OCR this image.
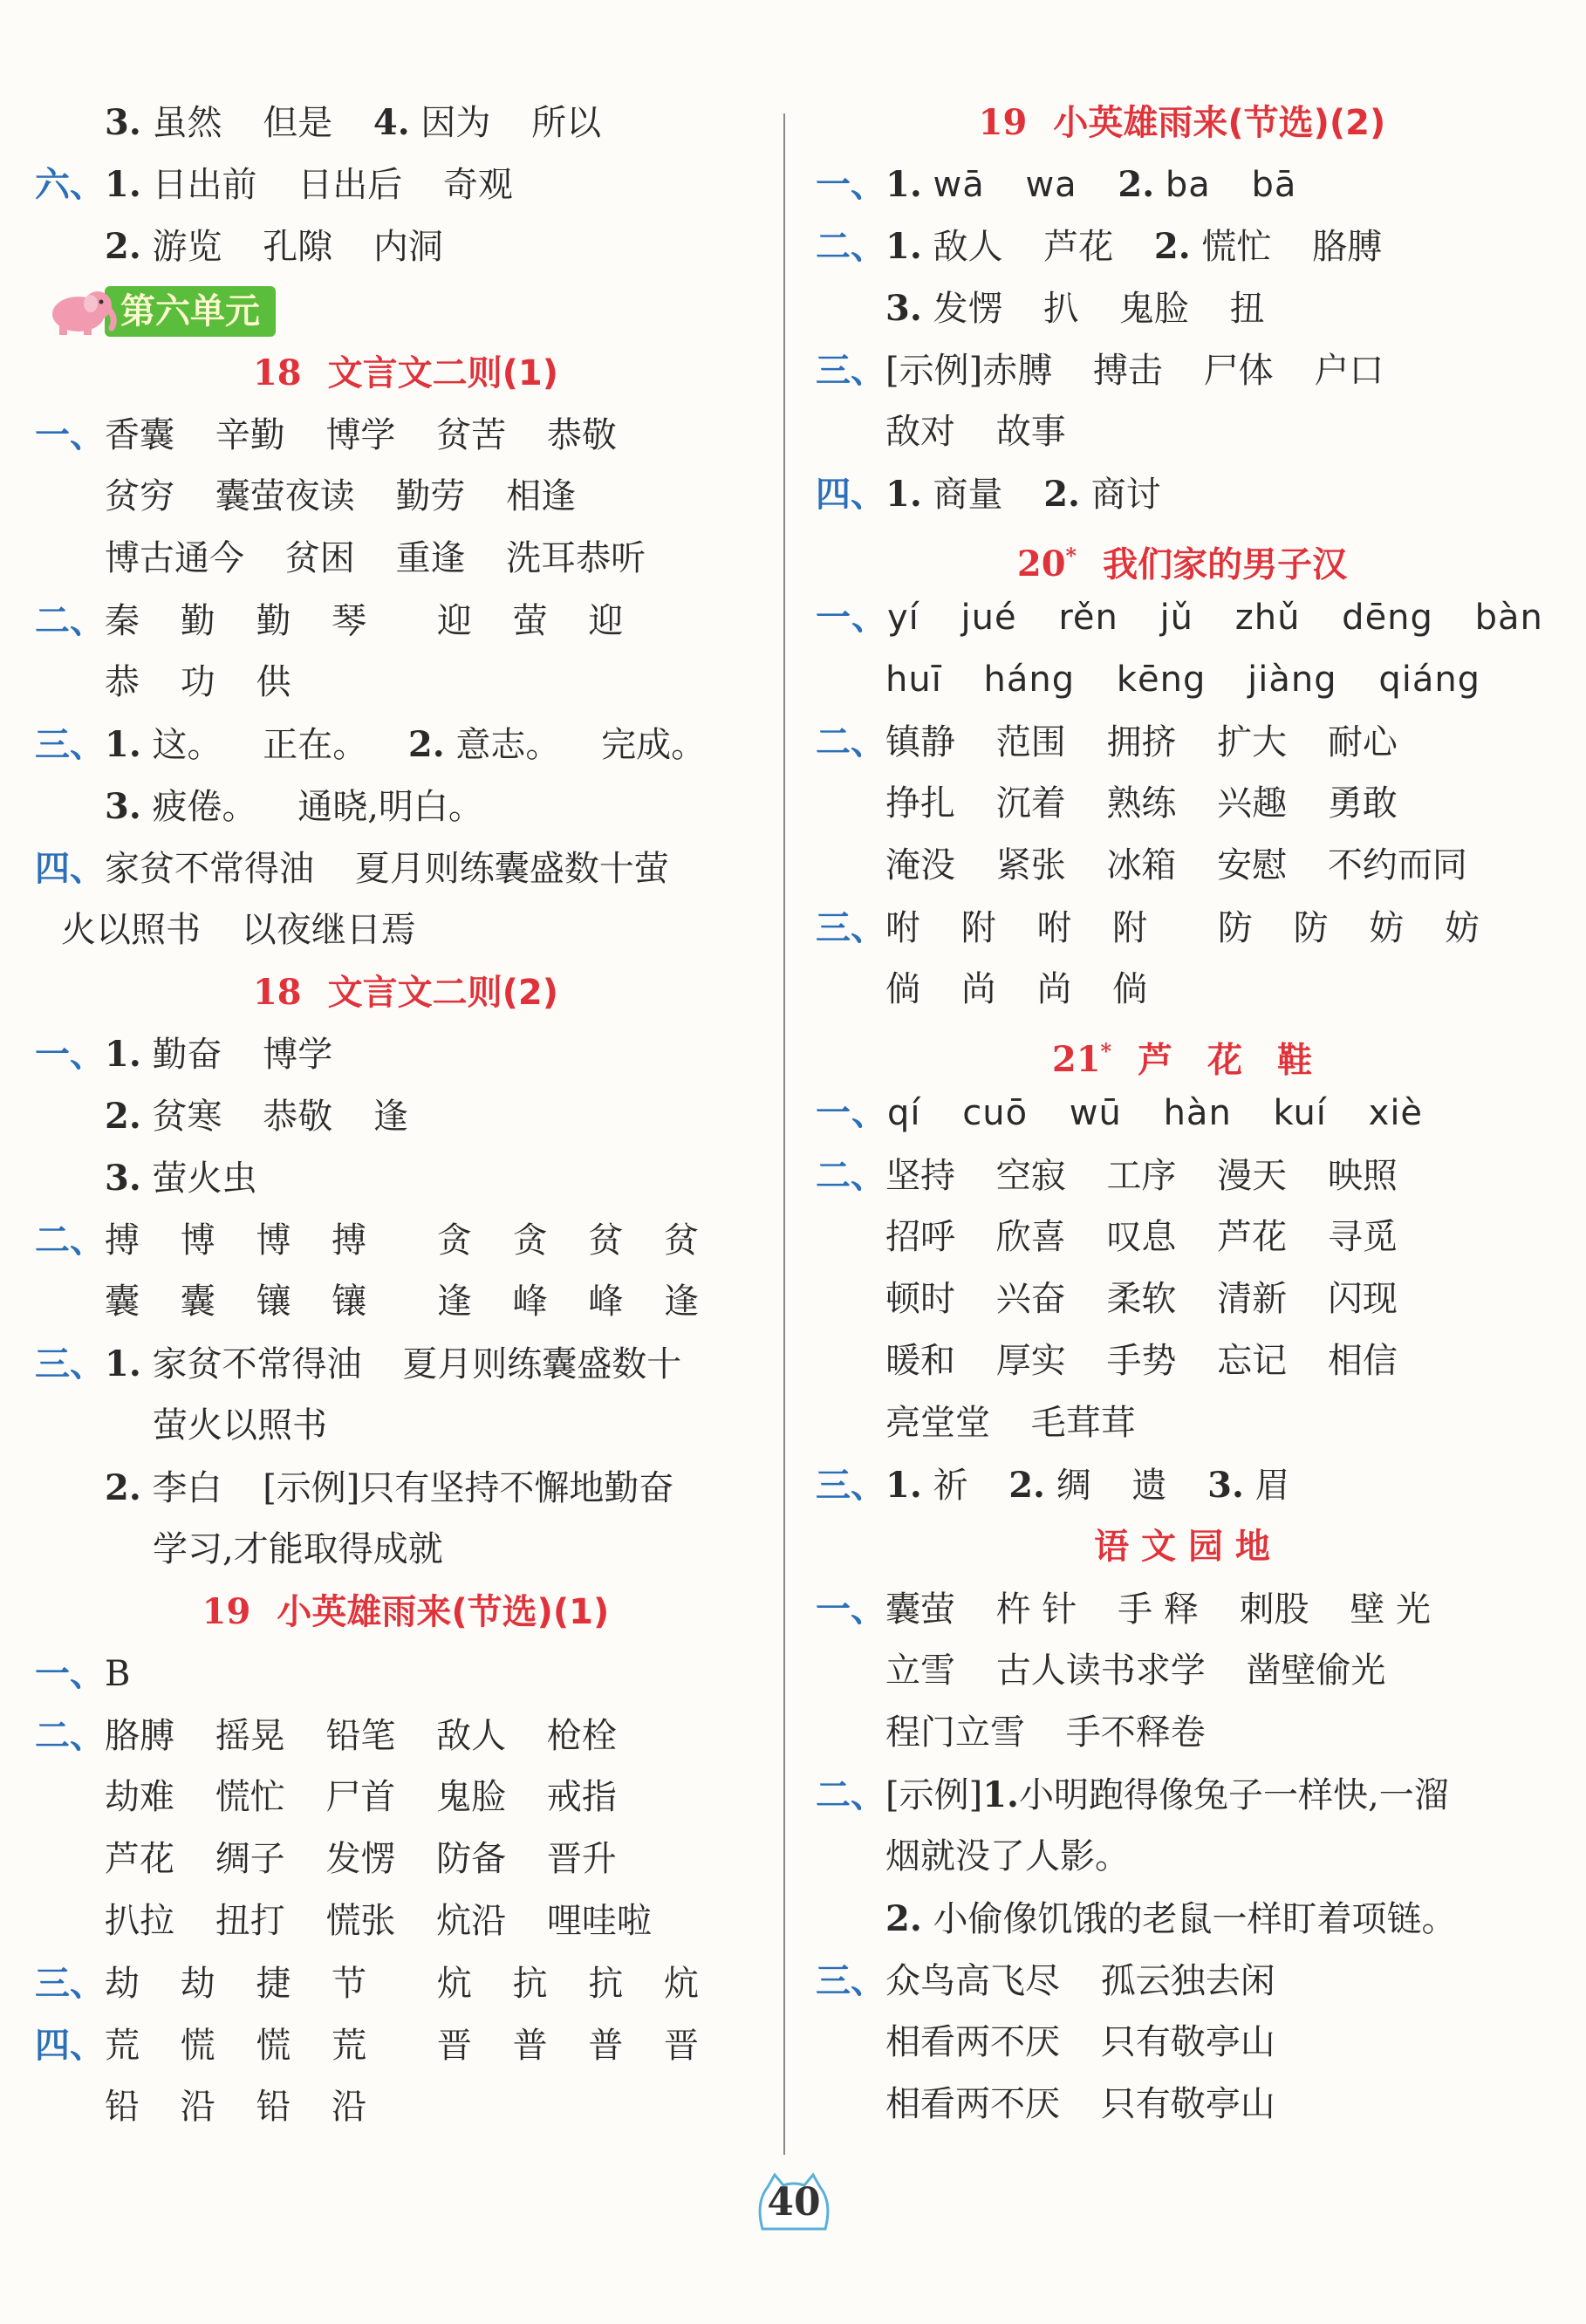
3. 虽然 但是 4. 因为 所以
六、1. 日出前 日出后 奇观
2. 游览 孔隙 内洞
第六单元
18 文言文二则(1)
一、香囊 辛勤 博学 贫苦 恭敬
贫穷 囊萤夜读 勤劳 相逢
博古通今 贫困 重逢 洗耳恭听
二、秦 勤 勤 琴 迎 萤 迎
恭 功 供
三、1. 这。 正在。 2. 意志。 完成。
3. 疲倦。 通晓,明白。
四、家贫不常得油 夏月则练囊盛数十萤
火以照书 以夜继日焉
18 文言文二则(2)
一、1. 勤奋 博学
2. 贫寒 恭敬 逢
3. 萤火虫
二、搏 博 博 搏 贪 贪 贫 贫
囊 囊 镶 镶 逢 峰 峰 逢
三、1. 家贫不常得油 夏月则练囊盛数十
萤火以照书
2. 李白 [示例]只有坚持不懈地勤奋
学习,才能取得成就
19 小英雄雨来(节选)(1)
一、B
二、胳膊 摇晃 铅笔 敌人 枪栓
劫难 慌忙 尸首 鬼脸 戒指
芦花 绸子 发愣 防备 晋升
扒拉 扭打 慌张 炕沿 哩哇啦
三、劫 劫 捷 节 炕 抗 抗 炕
四、荒 慌 慌 荒 晋 普 普 晋
铅 沿 铅 沿
19 小英雄雨来(节选)(2)
一、1. wā wa 2. ba bā
二、1. 敌人 芦花 2. 慌忙 胳膊
3. 发愣 扒 鬼脸 扭
三、[示例]赤膊 搏击 尸体 户口
敌对 故事
四、1. 商量 2. 商讨
20* 我们家的男子汉
一、yí jué rěn jǔ zhǔ dēng bàn
huī háng kēng jiàng qiáng
二、镇静 范围 拥挤 扩大 耐心
挣扎 沉着 熟练 兴趣 勇敢
淹没 紧张 冰箱 安慰 不约而同
三、咐 附 咐 附 防 防 妨 妨
倘 尚 尚 倘
21* 芦　花　鞋
一、qí cuō wū hàn kuí xiè
二、坚持 空寂 工序 漫天 映照
招呼 欣喜 叹息 芦花 寻觅
顿时 兴奋 柔软 清新 闪现
暖和 厚实 手势 忘记 相信
亮堂堂 毛茸茸
三、1. 祈 2. 绸 遗 3. 眉
语 文 园 地
一、囊萤 杵 针 手 释 刺股 壁 光
立雪 古人读书求学 凿壁偷光
程门立雪 手不释卷
二、[示例]1.小明跑得像兔子一样快,一溜
烟就没了人影。
2. 小偷像饥饿的老鼠一样盯着项链。
三、众鸟高飞尽 孤云独去闲
相看两不厌 只有敬亭山
相看两不厌 只有敬亭山
40
